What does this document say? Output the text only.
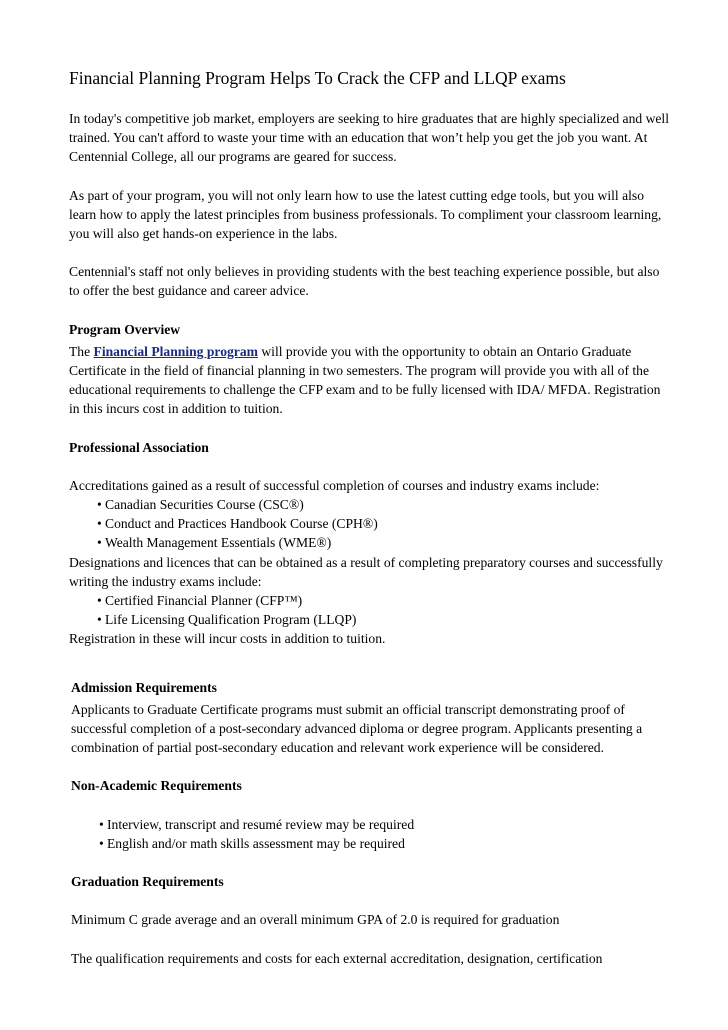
Financial Planning Program Helps To Crack the CFP and LLQP exams

In today's competitive job market, employers are seeking to hire graduates that are highly specialized and well trained. You can't afford to waste your time with an education that won’t help you get the job you want. At Centennial College, all our programs are geared for success.

As part of your program, you will not only learn how to use the latest cutting edge tools, but you will also learn how to apply the latest principles from business professionals. To compliment your classroom learning, you will also get hands-on experience in the labs.

Centennial's staff not only believes in providing students with the best teaching experience possible, but also to offer the best guidance and career advice.

Program Overview

The Financial Planning program will provide you with the opportunity to obtain an Ontario Graduate Certificate in the field of financial planning in two semesters. The program will provide you with all of the educational requirements to challenge the CFP exam and to be fully licensed with IDA/ MFDA. Registration in this incurs cost in addition to tuition.

Professional Association

Accreditations gained as a result of successful completion of courses and industry exams include:

• Canadian Securities Course (CSC®)
• Conduct and Practices Handbook Course (CPH®)
• Wealth Management Essentials (WME®)

Designations and licences that can be obtained as a result of completing preparatory courses and successfully writing the industry exams include:

• Certified Financial Planner (CFP™)
• Life Licensing Qualification Program (LLQP)

Registration in these will incur costs in addition to tuition.

Admission Requirements

Applicants to Graduate Certificate programs must submit an official transcript demonstrating proof of successful completion of a post-secondary advanced diploma or degree program. Applicants presenting a combination of partial post-secondary education and relevant work experience will be considered.

Non-Academic Requirements

• Interview, transcript and resumé review may be required
• English and/or math skills assessment may be required

Graduation Requirements

Minimum C grade average and an overall minimum GPA of 2.0 is required for graduation

The qualification requirements and costs for each external accreditation, designation, certification
